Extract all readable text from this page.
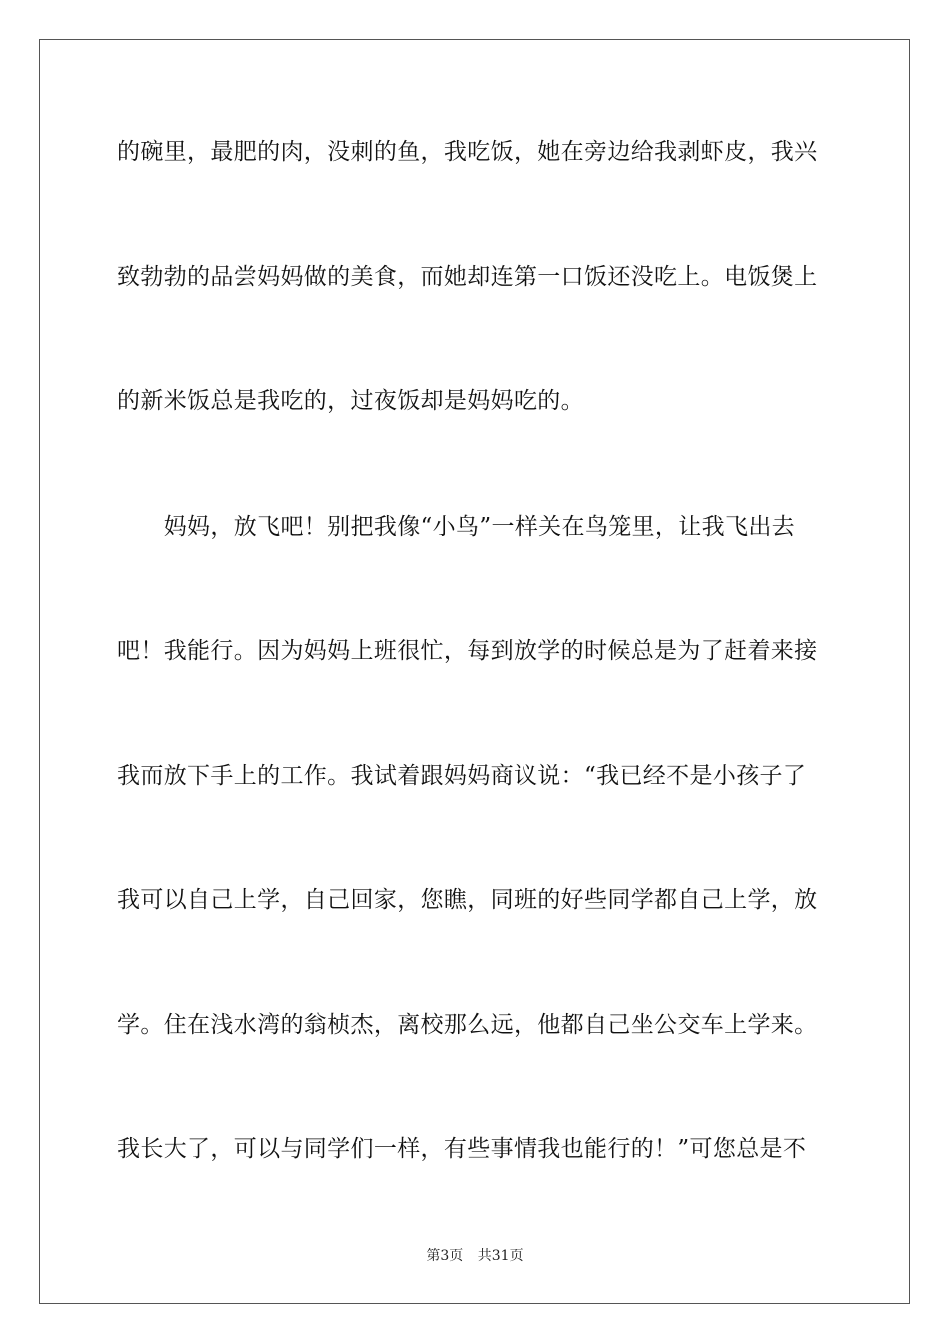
的碗里，最肥的肉，没刺的鱼，我吃饭，她在旁边给我剥虾皮，我兴
致勃勃的品尝妈妈做的美食，而她却连第一口饭还没吃上。电饭煲上
的新米饭总是我吃的，过夜饭却是妈妈吃的。
　　妈妈，放飞吧！别把我像“小鸟”一样关在鸟笼里，让我飞出去
吧！我能行。因为妈妈上班很忙，每到放学的时候总是为了赶着来接
我而放下手上的工作。我试着跟妈妈商议说：“我已经不是小孩子了
我可以自己上学，自己回家，您瞧，同班的好些同学都自己上学，放
学。住在浅水湾的翁桢杰，离校那么远，他都自己坐公交车上学来。
我长大了，可以与同学们一样，有些事情我也能行的！”可您总是不
第3页 共31页
